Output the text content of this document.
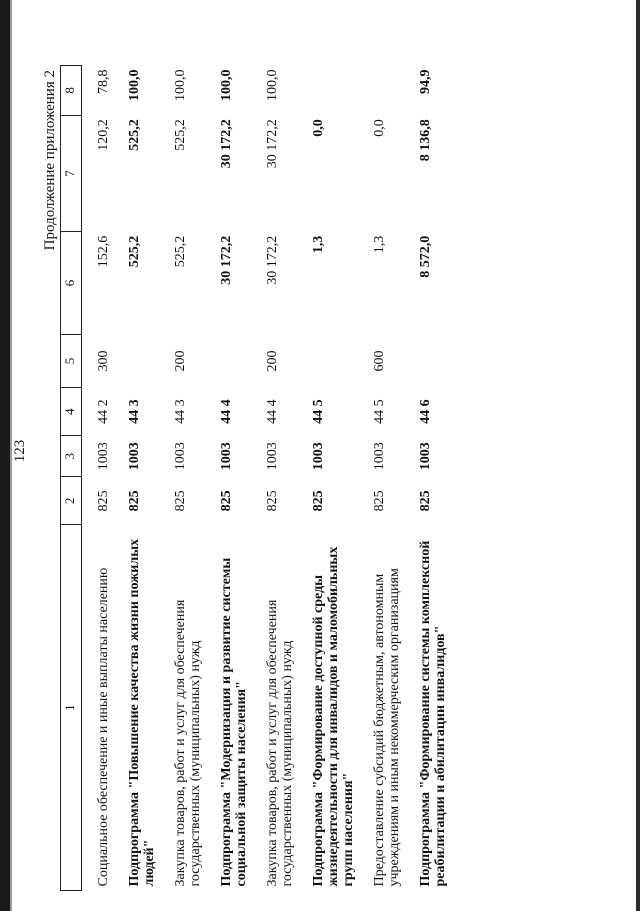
123
Продолжение приложения 2
1	2	3	4	5	6	7	8
Социальное обеспечение и иные выплаты населению	825	1003	44 2	300	152,6	120,2	78,8
Подпрограмма "Повышение качества жизни пожилых людей"	825	1003	44 3		525,2	525,2	100,0
Закупка товаров, работ и услуг для обеспечения государственных (муниципальных) нужд	825	1003	44 3	200	525,2	525,2	100,0
Подпрограмма "Модернизация и развитие системы социальной защиты населения"	825	1003	44 4		30 172,2	30 172,2	100,0
Закупка товаров, работ и услуг для обеспечения государственных (муниципальных) нужд	825	1003	44 4	200	30 172,2	30 172,2	100,0
Подпрограмма "Формирование доступной среды жизнедеятельности для инвалидов и маломобильных групп населения"	825	1003	44 5		1,3	0,0	
Предоставление субсидий бюджетным, автономным учреждениям и иным некоммерческим организациям	825	1003	44 5	600	1,3	0,0	
Подпрограмма "Формирование системы комплексной реабилитации и абилитации инвалидов"	825	1003	44 6		8 572,0	8 136,8	94,9
